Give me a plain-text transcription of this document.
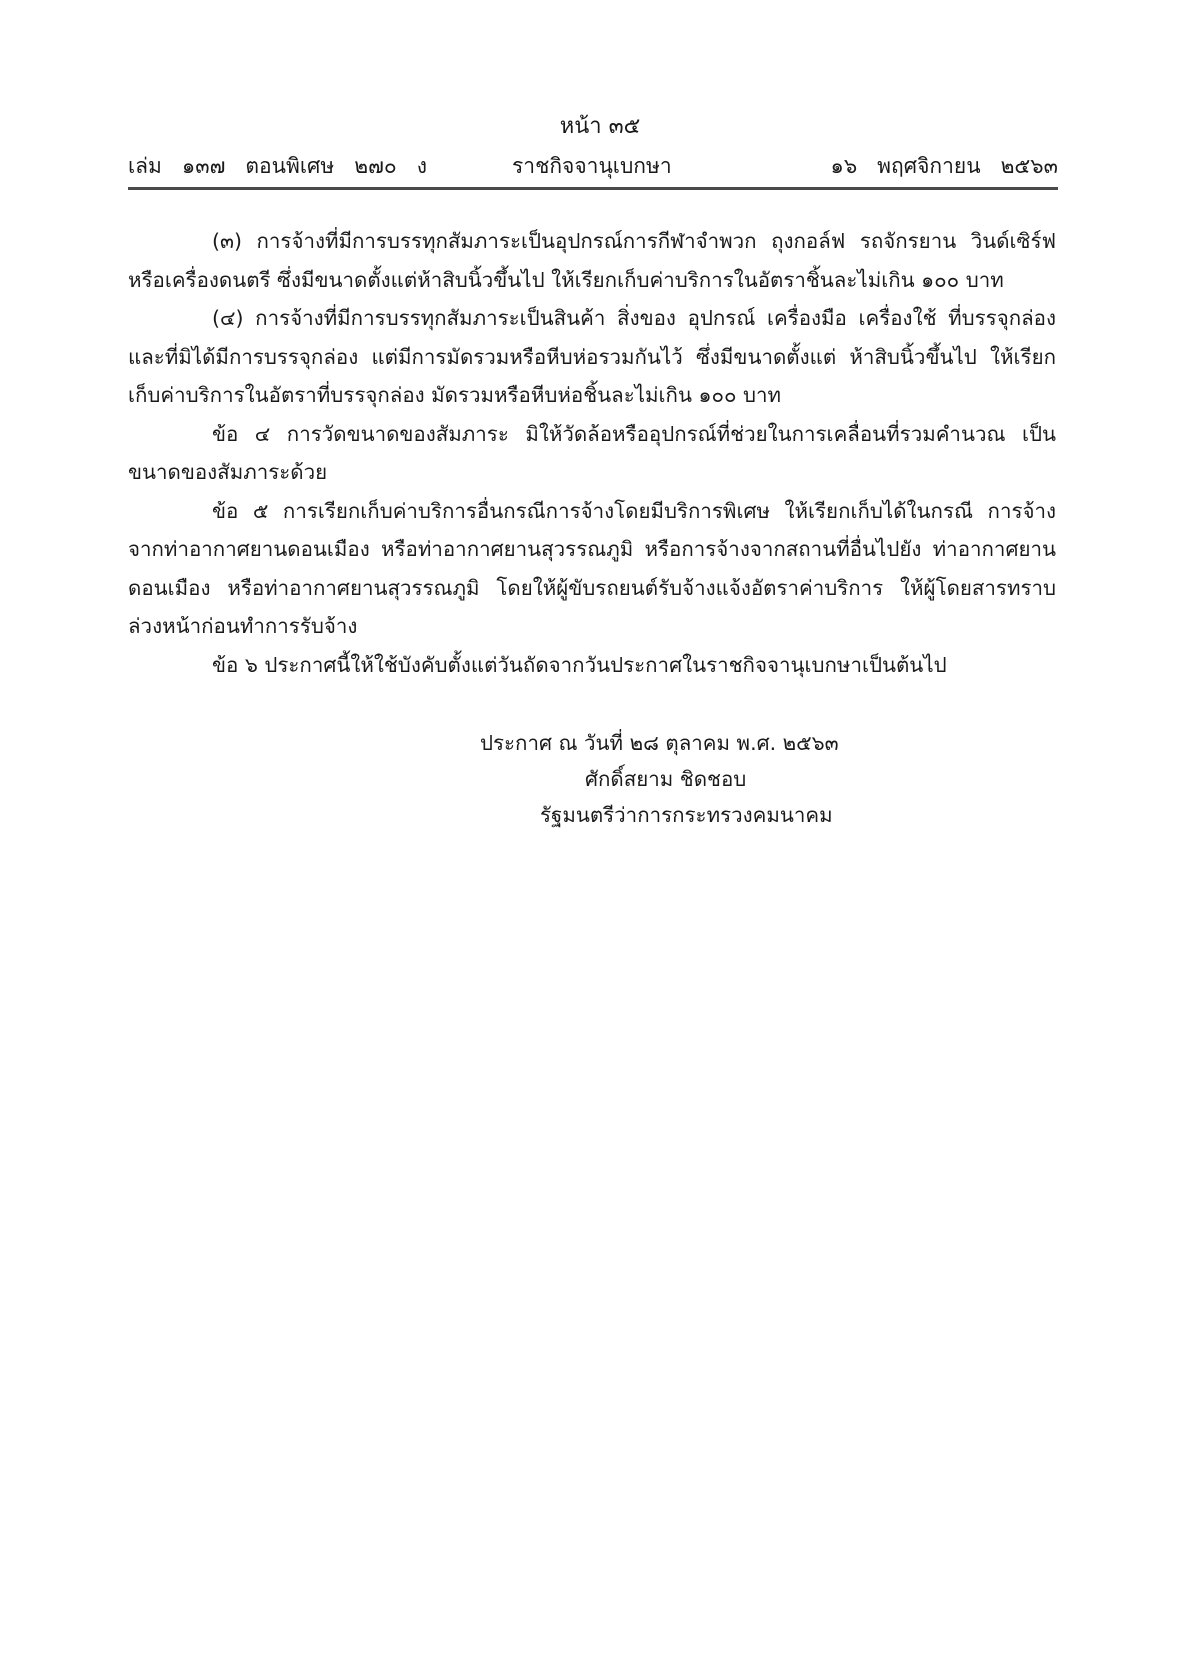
หน้า ๓๕
เล่ม   ๑๓๗   ตอนพิเศษ   ๒๗๐   ง	ราชกิจจานุเบกษา	๑๖   พฤศจิกายน   ๒๕๖๓

(๓) การจ้างที่มีการบรรทุกสัมภาระเป็นอุปกรณ์การกีฬาจำพวก ถุงกอล์ฟ รถจักรยาน วินด์เซิร์ฟ หรือเครื่องดนตรี ซึ่งมีขนาดตั้งแต่ห้าสิบนิ้วขึ้นไป ให้เรียกเก็บค่าบริการในอัตราชิ้นละไม่เกิน ๑๐๐ บาท

(๔) การจ้างที่มีการบรรทุกสัมภาระเป็นสินค้า สิ่งของ อุปกรณ์ เครื่องมือ เครื่องใช้ ที่บรรจุกล่อง และที่มิได้มีการบรรจุกล่อง แต่มีการมัดรวมหรือหีบห่อรวมกันไว้ ซึ่งมีขนาดตั้งแต่ ห้าสิบนิ้วขึ้นไป ให้เรียกเก็บค่าบริการในอัตราที่บรรจุกล่อง มัดรวมหรือหีบห่อชิ้นละไม่เกิน ๑๐๐ บาท

ข้อ ๔ การวัดขนาดของสัมภาระ มิให้วัดล้อหรืออุปกรณ์ที่ช่วยในการเคลื่อนที่รวมคำนวณ เป็นขนาดของสัมภาระด้วย

ข้อ ๕ การเรียกเก็บค่าบริการอื่นกรณีการจ้างโดยมีบริการพิเศษ ให้เรียกเก็บได้ในกรณี การจ้างจากท่าอากาศยานดอนเมือง หรือท่าอากาศยานสุวรรณภูมิ หรือการจ้างจากสถานที่อื่นไปยัง ท่าอากาศยานดอนเมือง หรือท่าอากาศยานสุวรรณภูมิ โดยให้ผู้ขับรถยนต์รับจ้างแจ้งอัตราค่าบริการ ให้ผู้โดยสารทราบล่วงหน้าก่อนทำการรับจ้าง

ข้อ ๖ ประกาศนี้ให้ใช้บังคับตั้งแต่วันถัดจากวันประกาศในราชกิจจานุเบกษาเป็นต้นไป

ประกาศ ณ วันที่ ๒๘ ตุลาคม พ.ศ. ๒๕๖๓
ศักดิ์สยาม ชิดชอบ
รัฐมนตรีว่าการกระทรวงคมนาคม
